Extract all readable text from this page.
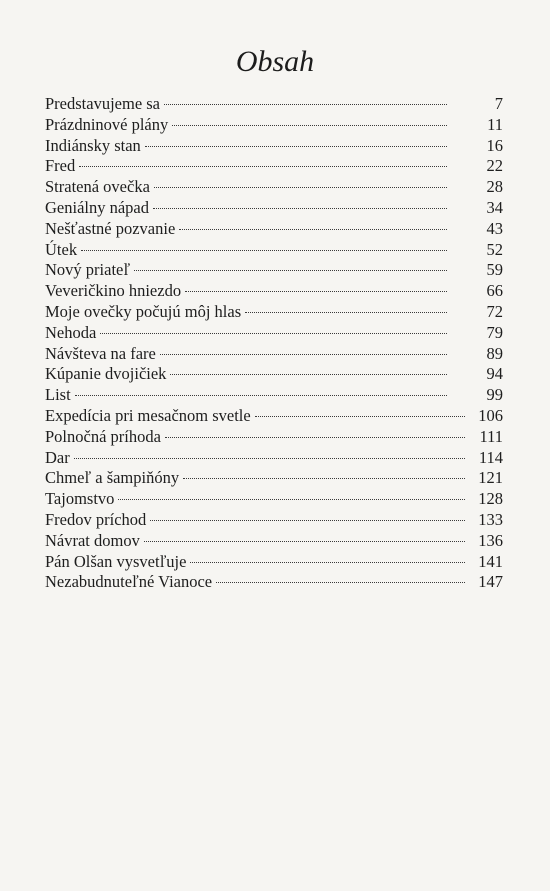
Obsah
Predstavujeme sa	7
Prázdninové plány	11
Indiánsky stan	16
Fred	22
Stratená ovečka	28
Geniálny nápad	34
Nešťastné pozvanie	43
Útek	52
Nový priateľ	59
Veveričkino hniezdo	66
Moje ovečky počujú môj hlas	72
Nehoda	79
Návšteva na fare	89
Kúpanie dvojičiek	94
List	99
Expedícia pri mesačnom svetle	106
Polnočná príhoda	111
Dar	114
Chmeľ a šampiňóny	121
Tajomstvo	128
Fredov príchod	133
Návrat domov	136
Pán Olšan vysvetľuje	141
Nezabudnuteľné Vianoce	147
